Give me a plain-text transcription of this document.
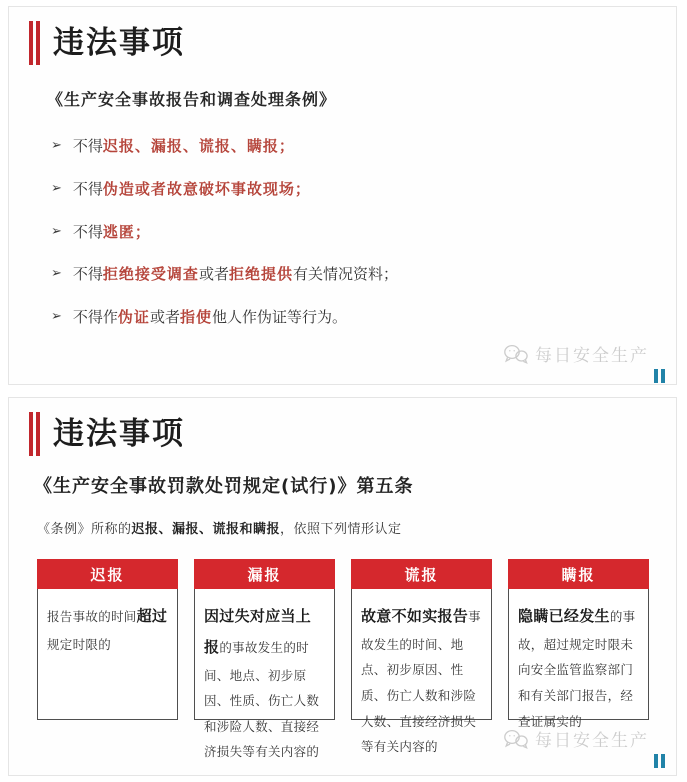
违法事项
《生产安全事故报告和调查处理条例》
➢ 不得迟报、漏报、谎报、瞒报；
➢ 不得伪造或者故意破坏事故现场；
➢ 不得逃匿；
➢ 不得拒绝接受调查或者拒绝提供有关情况资料；
➢ 不得作伪证或者指使他人作伪证等行为。
每日安全生产
违法事项
《生产安全事故罚款处罚规定(试行)》第五条
《条例》所称的迟报、漏报、谎报和瞒报，依照下列情形认定
迟报
报告事故的时间超过规定时限的
漏报
因过失对应当上报的事故发生的时间、地点、初步原因、性质、伤亡人数和涉险人数、直接经济损失等有关内容的
谎报
故意不如实报告事故发生的时间、地点、初步原因、性质、伤亡人数和涉险人数、直接经济损失等有关内容的
瞒报
隐瞒已经发生的事故，超过规定时限未向安全监管监察部门和有关部门报告，经查证属实的
每日安全生产
